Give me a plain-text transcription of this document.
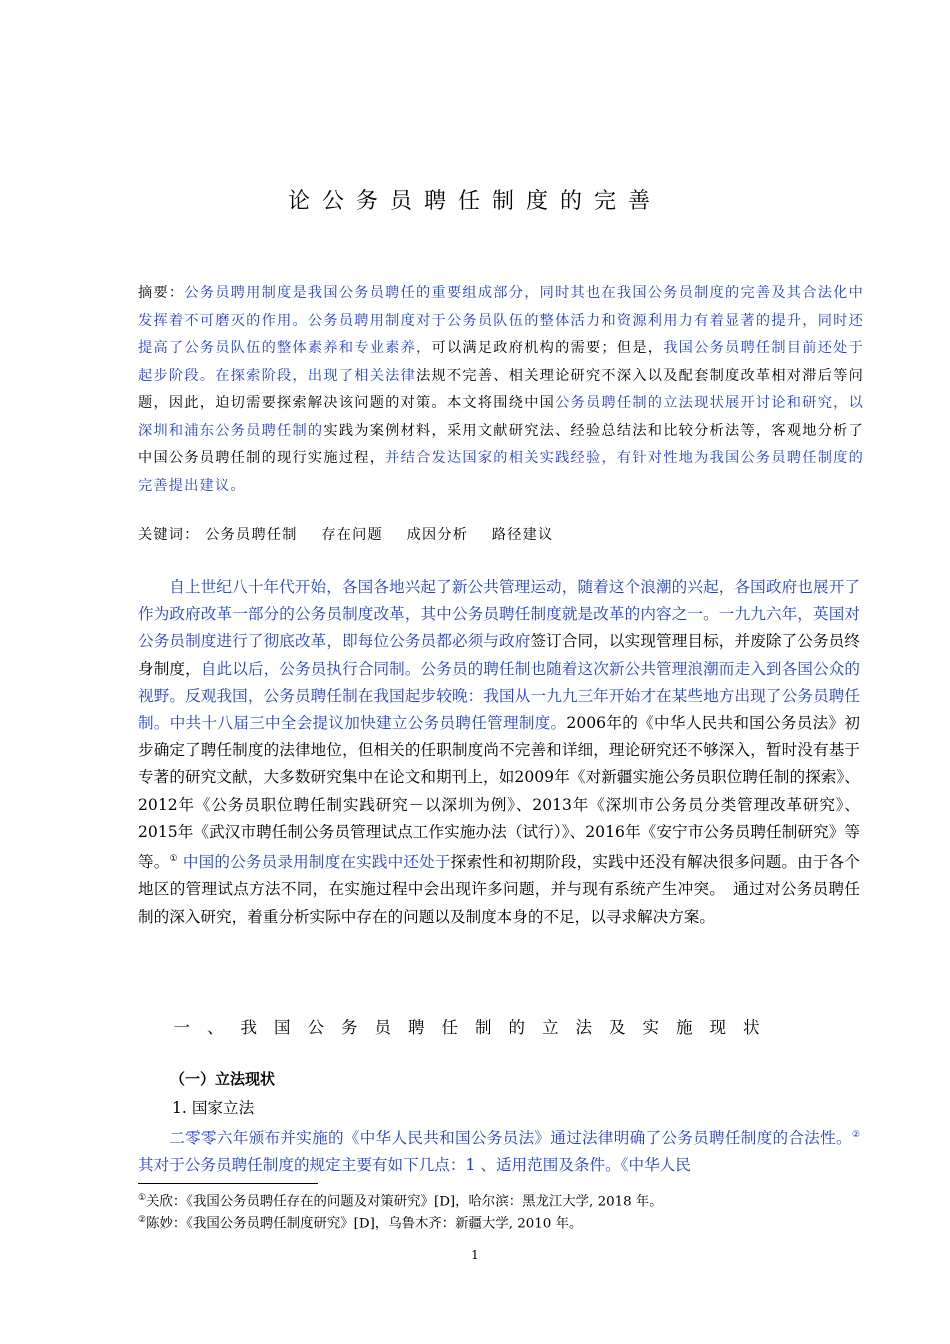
论公务员聘任制度的完善
摘要：公务员聘用制度是我国公务员聘任的重要组成部分，同时其也在我国公务员制度的完善及其合法化中发挥着不可磨灭的作用。公务员聘用制度对于公务员队伍的整体活力和资源利用力有着显著的提升，同时还提高了公务员队伍的整体素养和专业素养，可以满足政府机构的需要；但是，我国公务员聘任制目前还处于起步阶段。在探索阶段，出现了相关法律法规不完善、相关理论研究不深入以及配套制度改革相对滞后等问题，因此，迫切需要探索解决该问题的对策。本文将围绕中国公务员聘任制的立法现状展开讨论和研究，以深圳和浦东公务员聘任制的实践为案例材料，采用文献研究法、经验总结法和比较分析法等，客观地分析了中国公务员聘任制的现行实施过程，并结合发达国家的相关实践经验，有针对性地为我国公务员聘任制度的完善提出建议。
关键词： 公务员聘任制 存在问题 成因分析 路径建议

自上世纪八十年代开始，各国各地兴起了新公共管理运动，随着这个浪潮的兴起，各国政府也展开了作为政府改革一部分的公务员制度改革，其中公务员聘任制度就是改革的内容之一。一九九六年，英国对公务员制度进行了彻底改革，即每位公务员都必须与政府签订合同，以实现管理目标，并废除了公务员终身制度，自此以后，公务员执行合同制。公务员的聘任制也随着这次新公共管理浪潮而走入到各国公众的视野。反观我国，公务员聘任制在我国起步较晚：我国从一九九三年开始才在某些地方出现了公务员聘任制。中共十八届三中全会提议加快建立公务员聘任管理制度。2006年的《中华人民共和国公务员法》初步确定了聘任制度的法律地位，但相关的任职制度尚不完善和详细，理论研究还不够深入，暂时没有基于专著的研究文献，大多数研究集中在论文和期刊上，如2009年《对新疆实施公务员职位聘任制的探索》、2012年《公务员职位聘任制实践研究－以深圳为例》、2013年《深圳市公务员分类管理改革研究》、2015年《武汉市聘任制公务员管理试点工作实施办法（试行）》、2016年《安宁市公务员聘任制研究》等等。① 中国的公务员录用制度在实践中还处于探索性和初期阶段，实践中还没有解决很多问题。由于各个地区的管理试点方法不同，在实施过程中会出现许多问题，并与现有系统产生冲突。　通过对公务员聘任制的深入研究，着重分析实际中存在的问题以及制度本身的不足，以寻求解决方案。

一、我国公务员聘任制的立法及实施现状
（一）立法现状
1. 国家立法

二零零六年颁布并实施的《中华人民共和国公务员法》通过法律明确了公务员聘任制度的合法性。② 其对于公务员聘任制度的规定主要有如下几点：1 、适用范围及条件。《中华人民

①关欣：《我国公务员聘任存在的问题及对策研究》[D]，哈尔滨：黑龙江大学, 2018 年。
②陈妙：《我国公务员聘任制度研究》[D]，乌鲁木齐：新疆大学, 2010 年。
1
